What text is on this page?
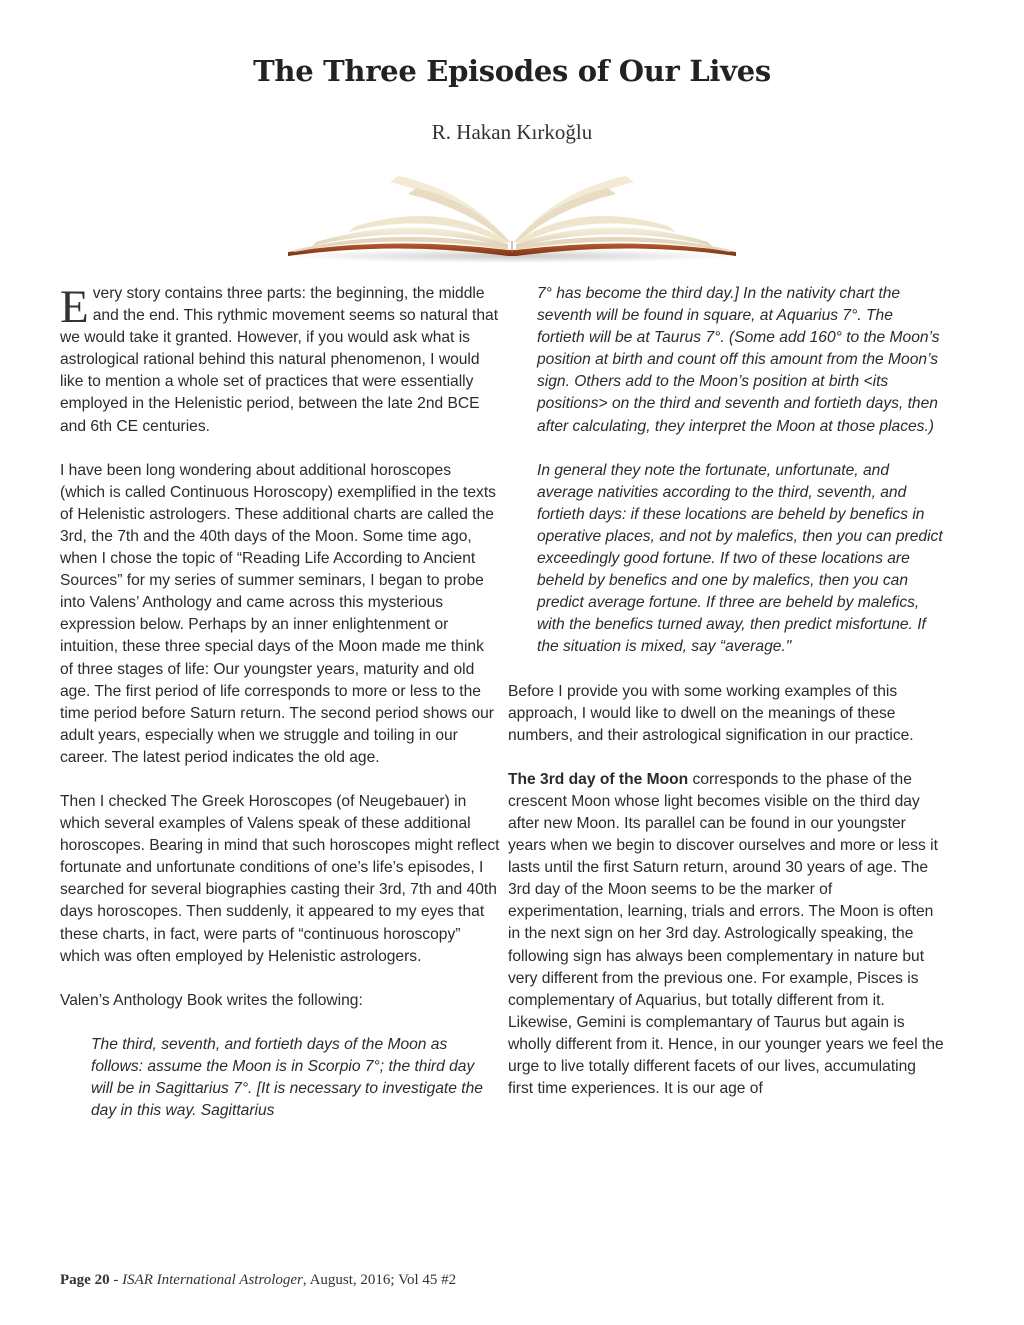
The Three Episodes of Our Lives
R. Hakan Kırkoğlu

Every story contains three parts: the beginning, the middle and the end. This rythmic movement seems so natural that we would take it granted. However, if you would ask what is astrological rational behind this natural phenomenon, I would like to mention a whole set of practices that were essentially employed in the Helenistic period, between the late 2nd BCE and 6th CE centuries.

I have been long wondering about additional horoscopes (which is called Continuous Horoscopy) exemplified in the texts of Helenistic astrologers. These additional charts are called the 3rd, the 7th and the 40th days of the Moon. Some time ago, when I chose the topic of “Reading Life According to Ancient Sources” for my series of summer seminars, I began to probe into Valens’ Anthology and came across this mysterious expression below. Perhaps by an inner enlightenment or intuition, these three special days of the Moon made me think of three stages of life: Our youngster years, maturity and old age. The first period of life corresponds to more or less to the time period before Saturn return. The second period shows our adult years, especially when we struggle and toiling in our career. The latest period indicates the old age.

Then I checked The Greek Horoscopes (of Neugebauer) in which several examples of Valens speak of these additional horoscopes. Bearing in mind that such horoscopes might reflect fortunate and unfortunate conditions of one’s life’s episodes, I searched for several biographies casting their 3rd, 7th and 40th days horoscopes. Then suddenly, it appeared to my eyes that these charts, in fact, were parts of “continuous horoscopy” which was often employed by Helenistic astrologers.

Valen’s Anthology Book writes the following:

The third, seventh, and fortieth days of the Moon as follows: assume the Moon is in Scorpio 7°; the third day will be in Sagittarius 7°. [It is necessary to investigate the day in this way. Sagittarius

7° has become the third day.] In the nativity chart the seventh will be found in square, at Aquarius 7°. The fortieth will be at Taurus 7°. (Some add 160° to the Moon’s position at birth and count off this amount from the Moon’s sign. Others add to the Moon’s position at birth <its positions> on the third and seventh and fortieth days, then after calculating, they interpret the Moon at those places.)

In general they note the fortunate, unfortunate, and average nativities according to the third, seventh, and fortieth days: if these locations are beheld by benefics in operative places, and not by malefics, then you can predict exceedingly good fortune. If two of these locations are beheld by benefics and one by malefics, then you can predict average fortune. If three are beheld by malefics, with the benefics turned away, then predict misfortune. If the situation is mixed, say “average."

Before I provide you with some working examples of this approach, I would like to dwell on the meanings of these numbers, and their astrological signification in our practice.

The 3rd day of the Moon corresponds to the phase of the crescent Moon whose light becomes visible on the third day after new Moon. Its parallel can be found in our youngster years when we begin to discover ourselves and more or less it lasts until the first Saturn return, around 30 years of age. The 3rd day of the Moon seems to be the marker of experimentation, learning, trials and errors. The Moon is often in the next sign on her 3rd day. Astrologically speaking, the following sign has always been complementary in nature but very different from the previous one. For example, Pisces is complementary of Aquarius, but totally different from it. Likewise, Gemini is complemantary of Taurus but again is wholly different from it. Hence, in our younger years we feel the urge to live totally different facets of our lives, accumulating first time experiences. It is our age of

Page 20 - ISAR International Astrologer, August, 2016; Vol 45 #2
